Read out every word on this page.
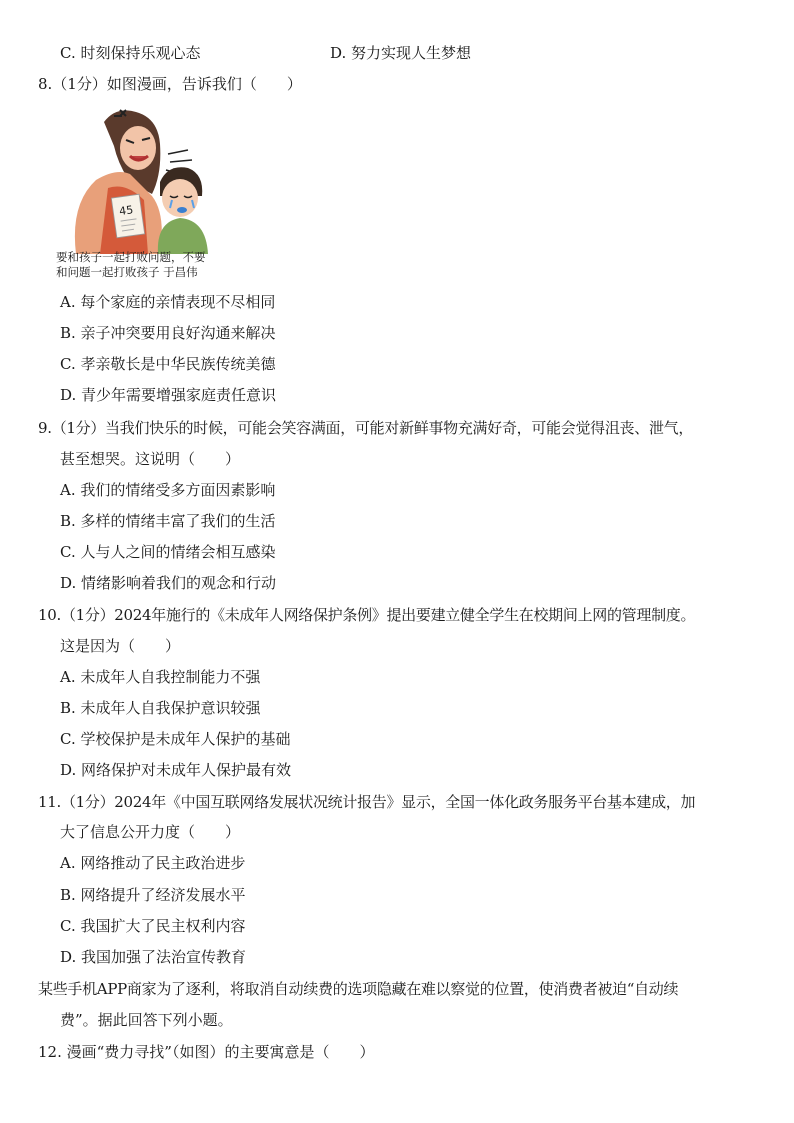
C. 时刻保持乐观心态	D. 努力实现人生梦想
8.（1分）如图漫画，告诉我们（　　）
45
要和孩子一起打败问题，不要
和问题一起打败孩子 于昌伟
A. 每个家庭的亲情表现不尽相同
B. 亲子冲突要用良好沟通来解决
C. 孝亲敬长是中华民族传统美德
D. 青少年需要增强家庭责任意识
9.（1分）当我们快乐的时候，可能会笑容满面，可能对新鲜事物充满好奇，可能会觉得沮丧、泄气，
甚至想哭。这说明（　　）
A. 我们的情绪受多方面因素影响
B. 多样的情绪丰富了我们的生活
C. 人与人之间的情绪会相互感染
D. 情绪影响着我们的观念和行动
10.（1分）2024年施行的《未成年人网络保护条例》提出要建立健全学生在校期间上网的管理制度。
这是因为（　　）
A. 未成年人自我控制能力不强
B. 未成年人自我保护意识较强
C. 学校保护是未成年人保护的基础
D. 网络保护对未成年人保护最有效
11.（1分）2024年《中国互联网络发展状况统计报告》显示，全国一体化政务服务平台基本建成，加
大了信息公开力度（　　）
A. 网络推动了民主政治进步
B. 网络提升了经济发展水平
C. 我国扩大了民主权利内容
D. 我国加强了法治宣传教育
某些手机APP商家为了逐利，将取消自动续费的选项隐藏在难以察觉的位置，使消费者被迫“自动续
费”。据此回答下列小题。
12. 漫画“费力寻找”（如图）的主要寓意是（　　）
